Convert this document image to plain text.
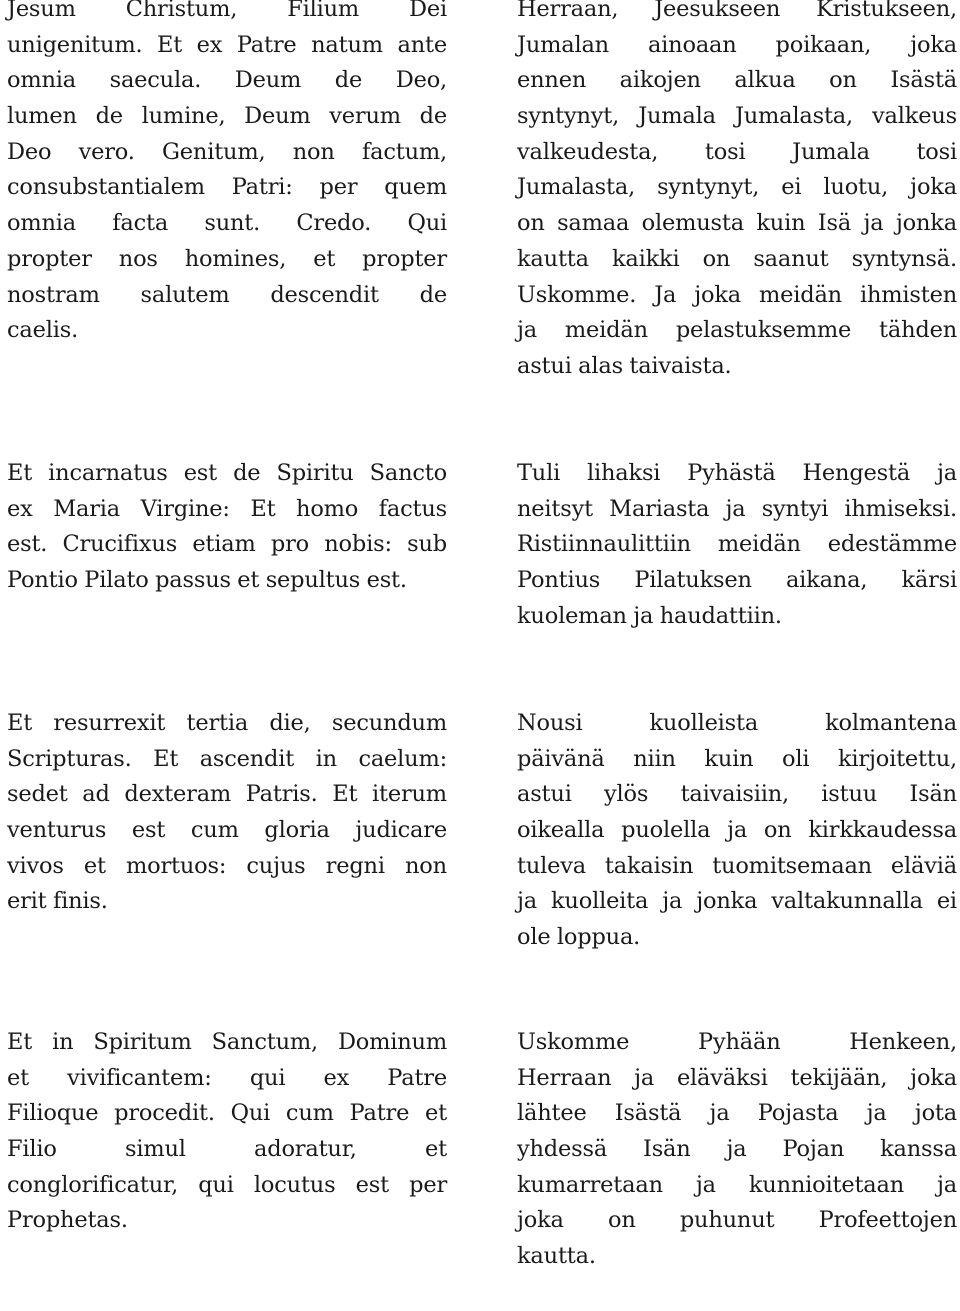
Jesum Christum, Filium Dei
unigenitum. Et ex Patre natum ante
omnia saecula. Deum de Deo,
lumen de lumine, Deum verum de
Deo vero. Genitum, non factum,
consubstantialem Patri: per quem
omnia facta sunt. Credo. Qui
propter nos homines, et propter
nostram salutem descendit de
caelis.
Herraan, Jeesukseen Kristukseen,
Jumalan ainoaan poikaan, joka
ennen aikojen alkua on Isästä
syntynyt, Jumala Jumalasta, valkeus
valkeudesta, tosi Jumala tosi
Jumalasta, syntynyt, ei luotu, joka
on samaa olemusta kuin Isä ja jonka
kautta kaikki on saanut syntynsä.
Uskomme. Ja joka meidän ihmisten
ja meidän pelastuksemme tähden
astui alas taivaista.
Et incarnatus est de Spiritu Sancto
ex Maria Virgine: Et homo factus
est. Crucifixus etiam pro nobis: sub
Pontio Pilato passus et sepultus est.
Tuli lihaksi Pyhästä Hengestä ja
neitsyt Mariasta ja syntyi ihmiseksi.
Ristiinnaulittiin meidän edestämme
Pontius Pilatuksen aikana, kärsi
kuoleman ja haudattiin.
Et resurrexit tertia die, secundum
Scripturas. Et ascendit in caelum:
sedet ad dexteram Patris. Et iterum
venturus est cum gloria judicare
vivos et mortuos: cujus regni non
erit finis.
Nousi	kuolleista	kolmantena
päivänä niin kuin oli kirjoitettu,
astui ylös taivaisiin, istuu Isän
oikealla puolella ja on kirkkaudessa
tuleva takaisin tuomitsemaan eläviä
ja kuolleita ja jonka valtakunnalla ei
ole loppua.
Et in Spiritum Sanctum, Dominum
et vivificantem: qui ex Patre
Filioque procedit. Qui cum Patre et
Filio	simul	adoratur,	et
conglorificatur, qui locutus est per
Prophetas.
Uskomme	Pyhään	Henkeen,
Herraan ja eläväksi tekijään, joka
lähtee Isästä ja Pojasta ja jota
yhdessä Isän ja Pojan kanssa
kumarretaan ja kunnioitetaan ja
joka on puhunut Profeettojen
kautta.
